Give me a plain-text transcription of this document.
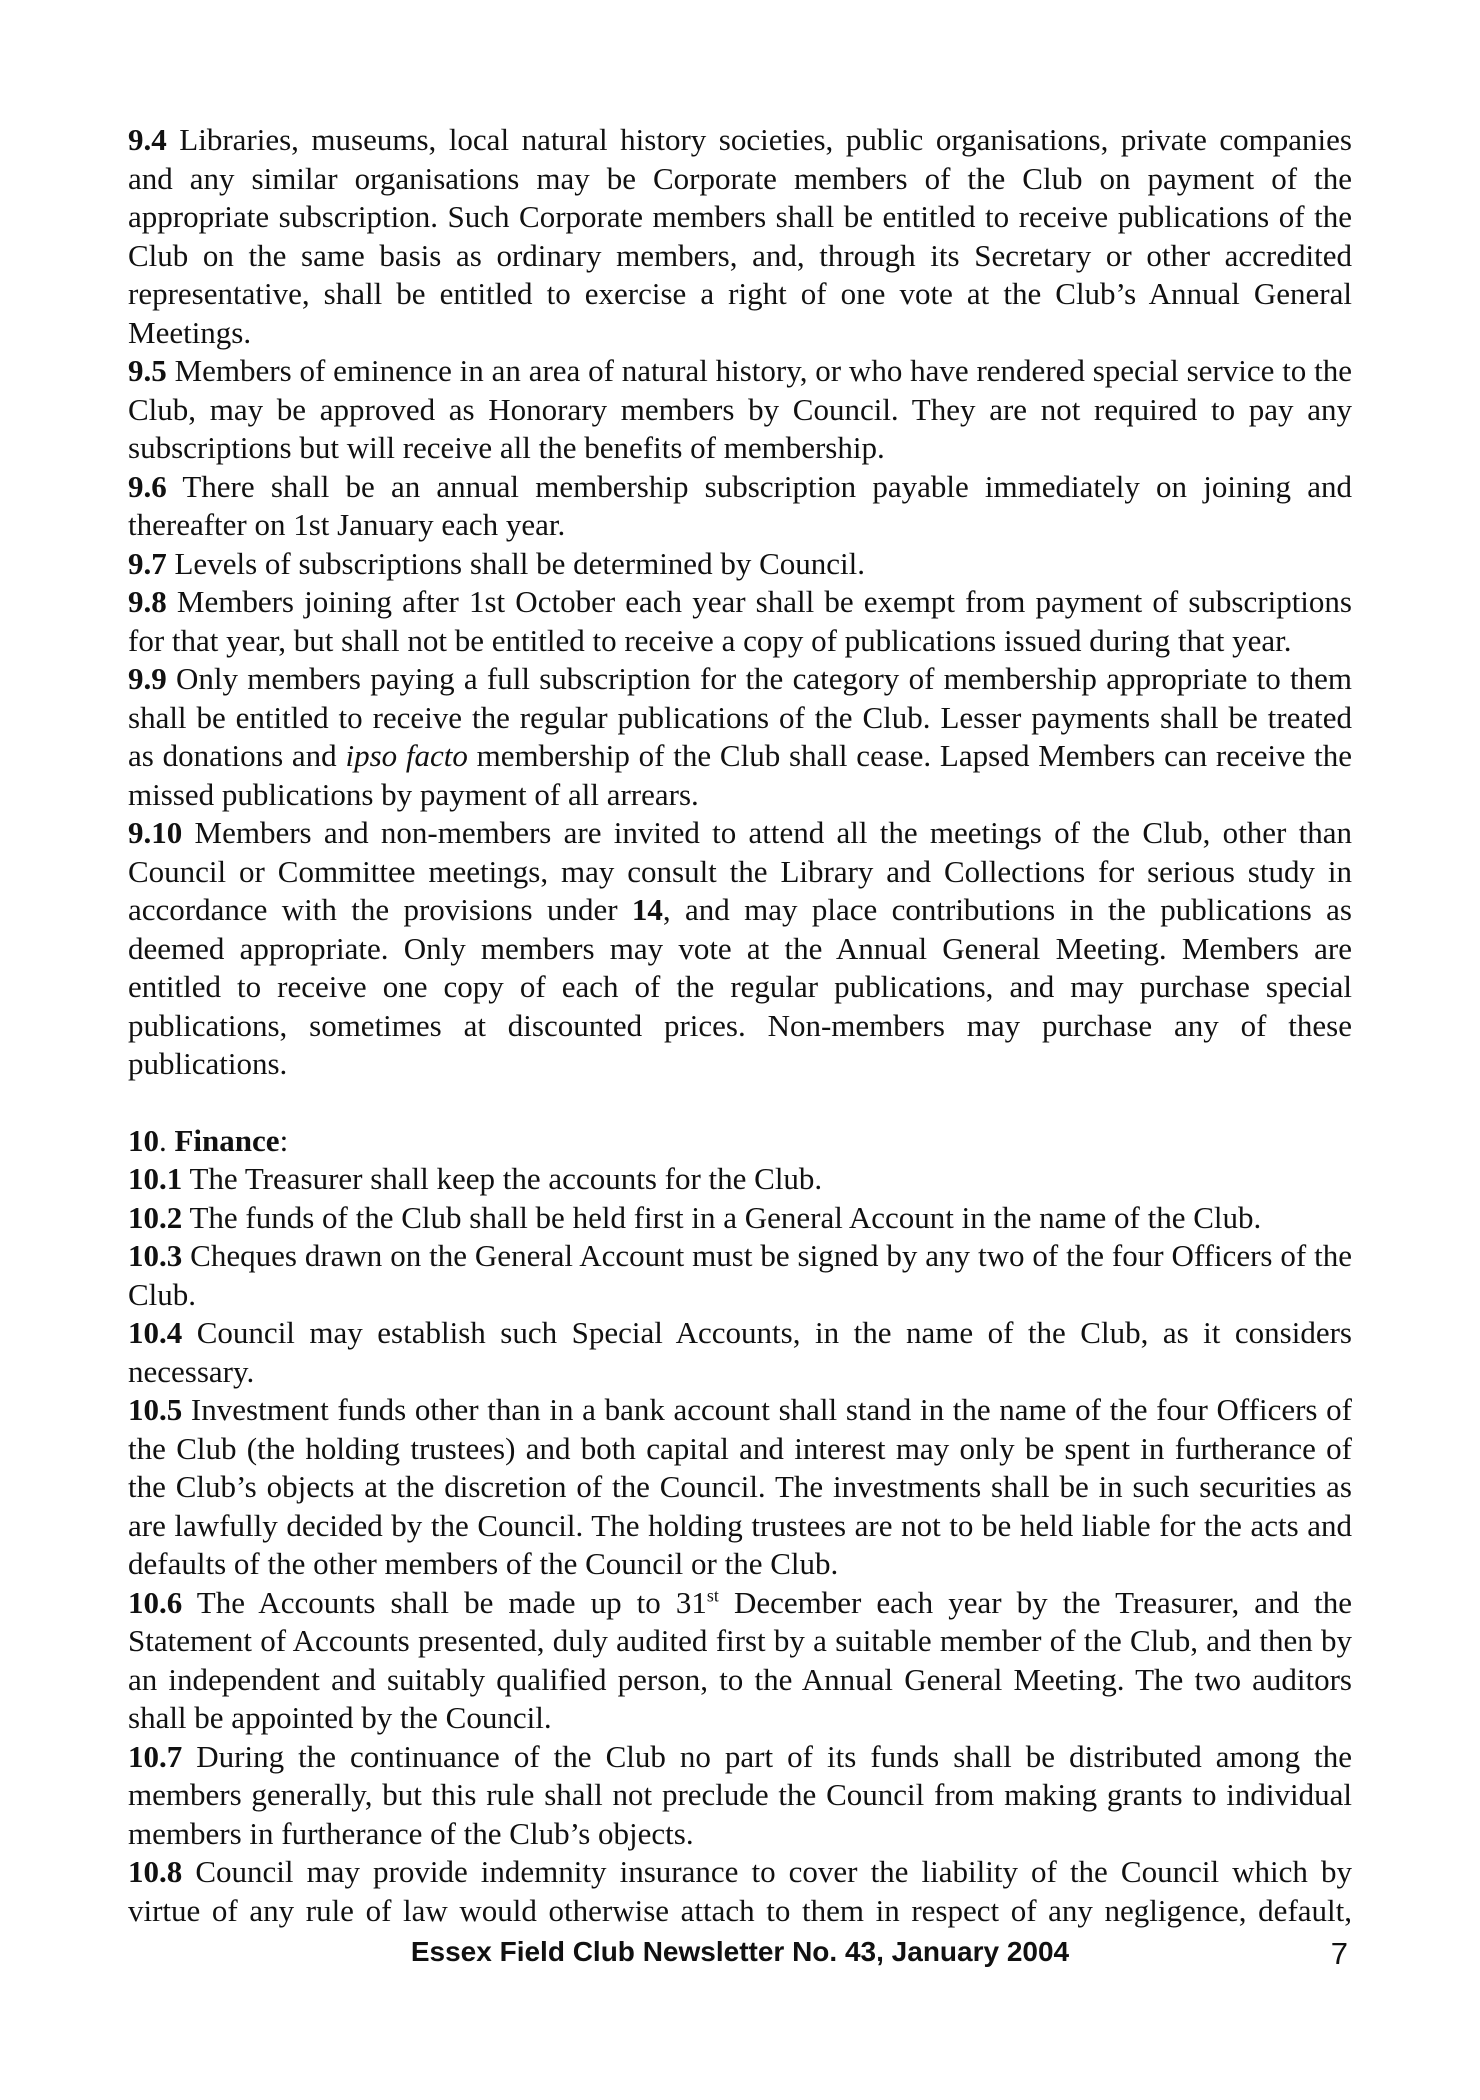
9.4 Libraries, museums, local natural history societies, public organisations, private companies and any similar organisations may be Corporate members of the Club on payment of the appropriate subscription. Such Corporate members shall be entitled to receive publications of the Club on the same basis as ordinary members, and, through its Secretary or other accredited representative, shall be entitled to exercise a right of one vote at the Club’s Annual General Meetings.

9.5 Members of eminence in an area of natural history, or who have rendered special service to the Club, may be approved as Honorary members by Council. They are not required to pay any subscriptions but will receive all the benefits of membership.

9.6 There shall be an annual membership subscription payable immediately on joining and thereafter on 1st January each year.

9.7 Levels of subscriptions shall be determined by Council.

9.8 Members joining after 1st October each year shall be exempt from payment of subscriptions for that year, but shall not be entitled to receive a copy of publications issued during that year.

9.9 Only members paying a full subscription for the category of membership appropriate to them shall be entitled to receive the regular publications of the Club. Lesser payments shall be treated as donations and ipso facto membership of the Club shall cease. Lapsed Members can receive the missed publications by payment of all arrears.

9.10 Members and non-members are invited to attend all the meetings of the Club, other than Council or Committee meetings, may consult the Library and Collections for serious study in accordance with the provisions under 14, and may place contributions in the publications as deemed appropriate. Only members may vote at the Annual General Meeting. Members are entitled to receive one copy of each of the regular publications, and may purchase special publications, sometimes at discounted prices. Non-members may purchase any of these publications.

10. Finance:

10.1 The Treasurer shall keep the accounts for the Club.

10.2 The funds of the Club shall be held first in a General Account in the name of the Club.

10.3 Cheques drawn on the General Account must be signed by any two of the four Officers of the Club.

10.4 Council may establish such Special Accounts, in the name of the Club, as it considers necessary.

10.5 Investment funds other than in a bank account shall stand in the name of the four Officers of the Club (the holding trustees) and both capital and interest may only be spent in furtherance of the Club’s objects at the discretion of the Council. The investments shall be in such securities as are lawfully decided by the Council. The holding trustees are not to be held liable for the acts and defaults of the other members of the Council or the Club.

10.6 The Accounts shall be made up to 31st December each year by the Treasurer, and the Statement of Accounts presented, duly audited first by a suitable member of the Club, and then by an independent and suitably qualified person, to the Annual General Meeting. The two auditors shall be appointed by the Council.

10.7 During the continuance of the Club no part of its funds shall be distributed among the members generally, but this rule shall not preclude the Council from making grants to individual members in furtherance of the Club’s objects.

10.8 Council may provide indemnity insurance to cover the liability of the Council which by virtue of any rule of law would otherwise attach to them in respect of any negligence, default,

Essex Field Club Newsletter No. 43, January 2004	7
